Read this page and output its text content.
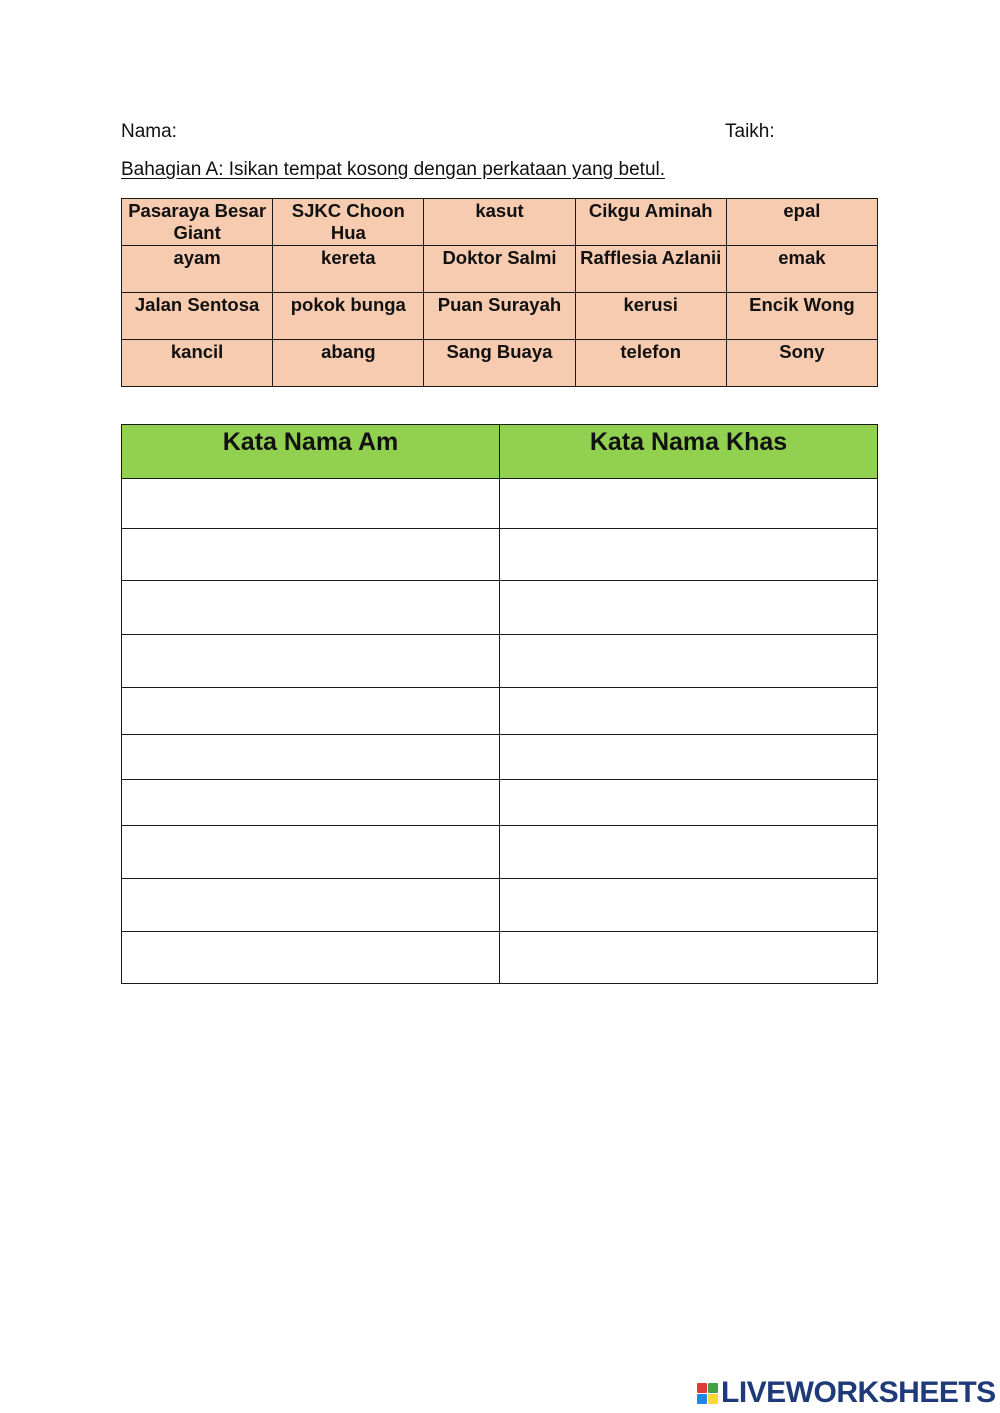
Nama:	Taikh:
Bahagian A: Isikan tempat kosong dengan perkataan yang betul.
Pasaraya Besar Giant	SJKC Choon Hua	kasut	Cikgu Aminah	epal
ayam	kereta	Doktor Salmi	Rafflesia Azlanii	emak
Jalan Sentosa	pokok bunga	Puan Surayah	kerusi	Encik Wong
kancil	abang	Sang Buaya	telefon	Sony
Kata Nama Am	Kata Nama Khas

LIVEWORKSHEETS
